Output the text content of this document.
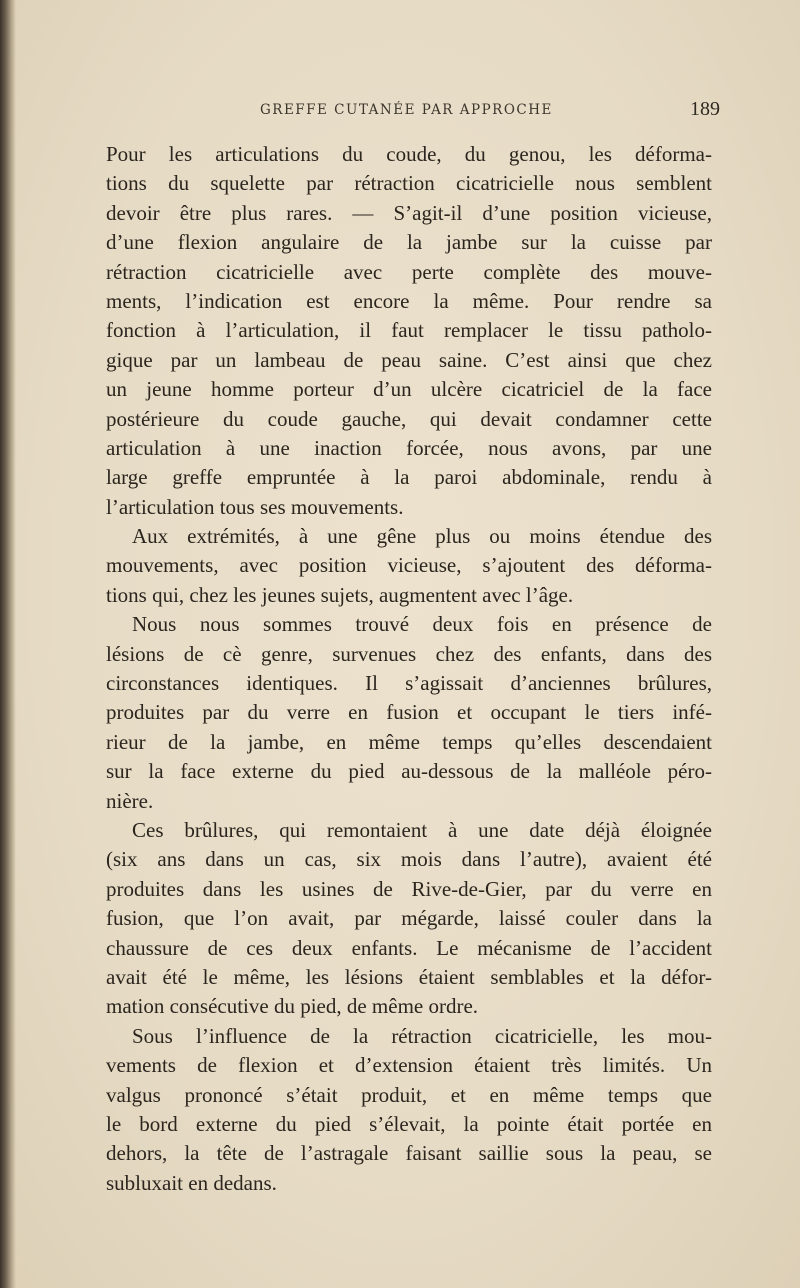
GREFFE CUTANÉE PAR APPROCHE	189
Pour les articulations du coude, du genou, les déforma-
tions du squelette par rétraction cicatricielle nous semblent
devoir être plus rares. — S’agit-il d’une position vicieuse,
d’une flexion angulaire de la jambe sur la cuisse par
rétraction cicatricielle avec perte complète des mouve-
ments, l’indication est encore la même. Pour rendre sa
fonction à l’articulation, il faut remplacer le tissu patholo-
gique par un lambeau de peau saine. C’est ainsi que chez
un jeune homme porteur d’un ulcère cicatriciel de la face
postérieure du coude gauche, qui devait condamner cette
articulation à une inaction forcée, nous avons, par une
large greffe empruntée à la paroi abdominale, rendu à
l’articulation tous ses mouvements.
Aux extrémités, à une gêne plus ou moins étendue des
mouvements, avec position vicieuse, s’ajoutent des déforma-
tions qui, chez les jeunes sujets, augmentent avec l’âge.
Nous nous sommes trouvé deux fois en présence de
lésions de cè genre, survenues chez des enfants, dans des
circonstances identiques. Il s’agissait d’anciennes brûlures,
produites par du verre en fusion et occupant le tiers infé-
rieur de la jambe, en même temps qu’elles descendaient
sur la face externe du pied au-dessous de la malléole péro-
nière.
Ces brûlures, qui remontaient à une date déjà éloignée
(six ans dans un cas, six mois dans l’autre), avaient été
produites dans les usines de Rive-de-Gier, par du verre en
fusion, que l’on avait, par mégarde, laissé couler dans la
chaussure de ces deux enfants. Le mécanisme de l’accident
avait été le même, les lésions étaient semblables et la défor-
mation consécutive du pied, de même ordre.
Sous l’influence de la rétraction cicatricielle, les mou-
vements de flexion et d’extension étaient très limités. Un
valgus prononcé s’était produit, et en même temps que
le bord externe du pied s’élevait, la pointe était portée en
dehors, la tête de l’astragale faisant saillie sous la peau, se
subluxait en dedans.
